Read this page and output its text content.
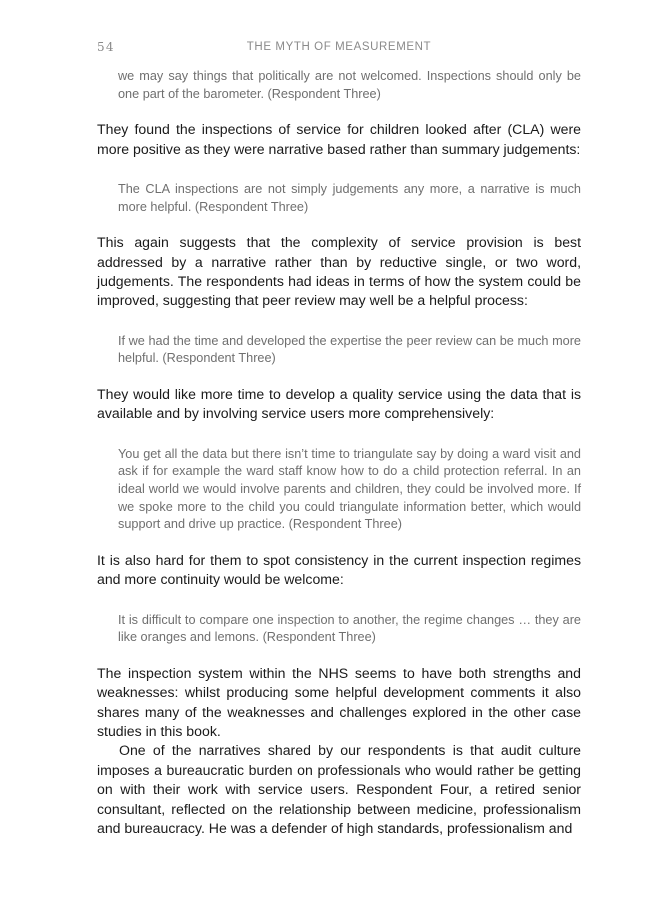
54	THE MYTH OF MEASUREMENT

we may say things that politically are not welcomed. Inspections should only be one part of the barometer. (Respondent Three)

They found the inspections of service for children looked after (CLA) were more positive as they were narrative based rather than summary judgements:

The CLA inspections are not simply judgements any more, a narrative is much more helpful. (Respondent Three)

This again suggests that the complexity of service provision is best addressed by a narrative rather than by reductive single, or two word, judgements. The respondents had ideas in terms of how the system could be improved, suggesting that peer review may well be a helpful process:

If we had the time and developed the expertise the peer review can be much more helpful. (Respondent Three)

They would like more time to develop a quality service using the data that is available and by involving service users more comprehensively:

You get all the data but there isn’t time to triangulate say by doing a ward visit and ask if for example the ward staff know how to do a child protection referral. In an ideal world we would involve parents and children, they could be involved more. If we spoke more to the child you could triangulate information better, which would support and drive up practice. (Respondent Three)

It is also hard for them to spot consistency in the current inspection regimes and more continuity would be welcome:

It is difficult to compare one inspection to another, the regime changes … they are like oranges and lemons. (Respondent Three)

The inspection system within the NHS seems to have both strengths and weaknesses: whilst producing some helpful development comments it also shares many of the weaknesses and challenges explored in the other case studies in this book.

One of the narratives shared by our respondents is that audit culture imposes a bureaucratic burden on professionals who would rather be getting on with their work with service users. Respondent Four, a retired senior consultant, reflected on the relationship between medicine, professionalism and bureaucracy. He was a defender of high standards, professionalism and
